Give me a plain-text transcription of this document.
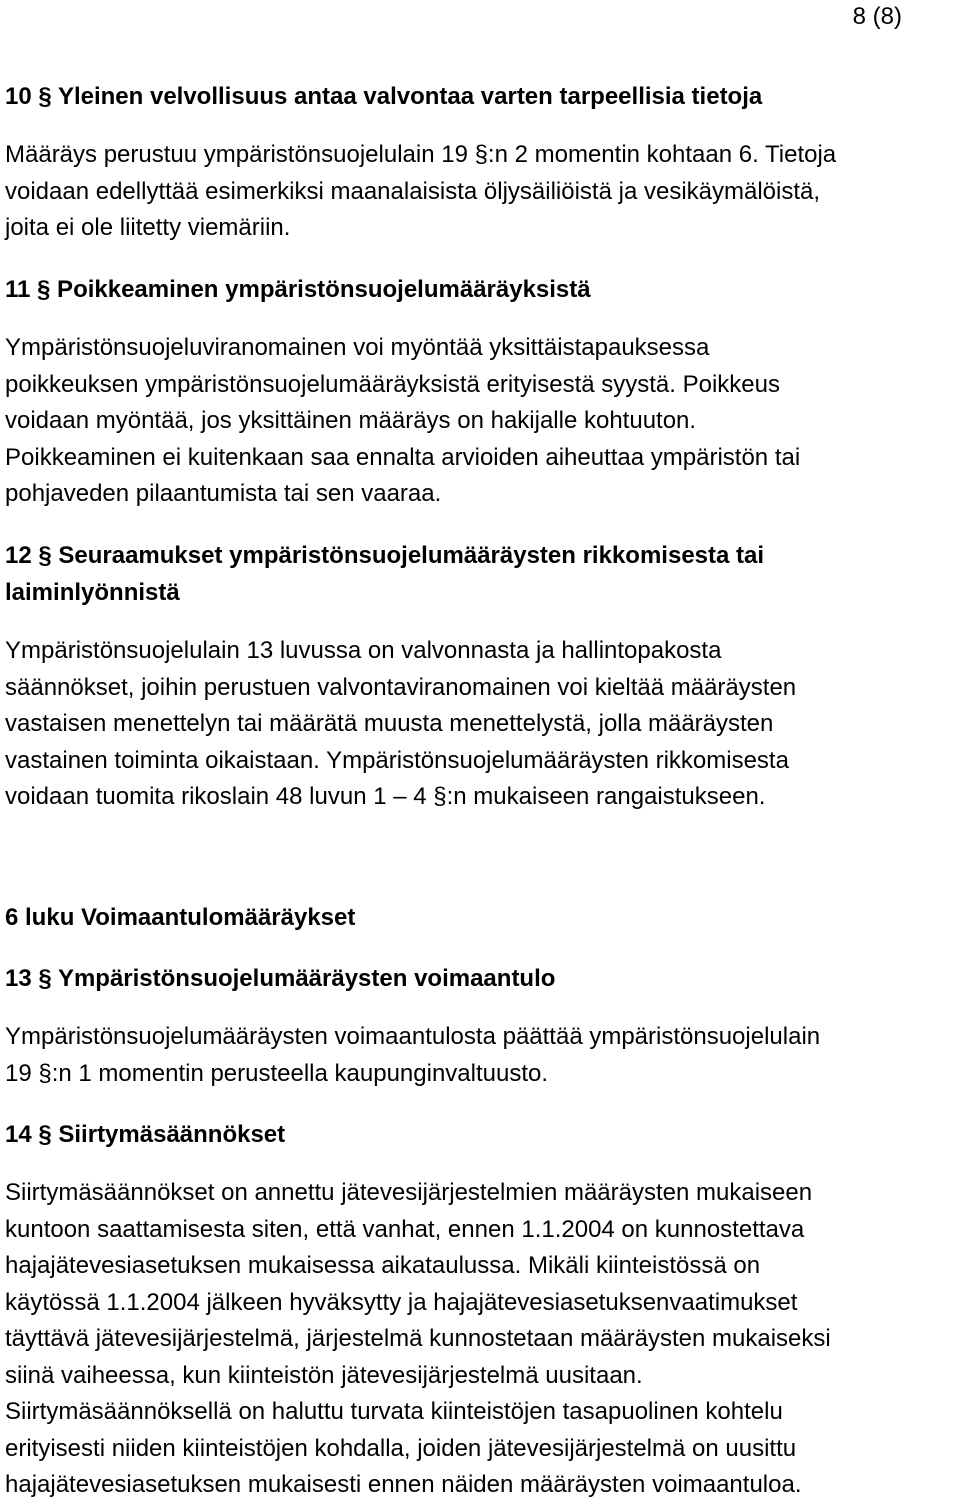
8 (8)
10 § Yleinen velvollisuus antaa valvontaa varten tarpeellisia tietoja
Määräys perustuu ympäristönsuojelulain 19 §:n 2 momentin kohtaan 6. Tietoja
voidaan edellyttää esimerkiksi maanalaisista öljysäiliöistä ja vesikäymälöistä,
joita ei ole liitetty viemäriin.
11 § Poikkeaminen ympäristönsuojelumääräyksistä
Ympäristönsuojeluviranomainen voi myöntää yksittäistapauksessa
poikkeuksen ympäristönsuojelumääräyksistä erityisestä syystä. Poikkeus
voidaan myöntää, jos yksittäinen määräys on hakijalle kohtuuton.
Poikkeaminen ei kuitenkaan saa ennalta arvioiden aiheuttaa ympäristön tai
pohjaveden pilaantumista tai sen vaaraa.
12 § Seuraamukset ympäristönsuojelumääräysten rikkomisesta tai
laiminlyönnistä
Ympäristönsuojelulain 13 luvussa on valvonnasta ja hallintopakosta
säännökset, joihin perustuen valvontaviranomainen voi kieltää määräysten
vastaisen menettelyn tai määrätä muusta menettelystä, jolla määräysten
vastainen toiminta oikaistaan. Ympäristönsuojelumääräysten rikkomisesta
voidaan tuomita rikoslain 48 luvun 1 – 4 §:n mukaiseen rangaistukseen.
6 luku Voimaantulomääräykset
13 § Ympäristönsuojelumääräysten voimaantulo
Ympäristönsuojelumääräysten voimaantulosta päättää ympäristönsuojelulain
19 §:n 1 momentin perusteella kaupunginvaltuusto.
14 § Siirtymäsäännökset
Siirtymäsäännökset on annettu jätevesijärjestelmien määräysten mukaiseen
kuntoon saattamisesta siten, että vanhat, ennen 1.1.2004 on kunnostettava
hajajätevesiasetuksen mukaisessa aikataulussa. Mikäli kiinteistössä on
käytössä 1.1.2004 jälkeen hyväksytty ja hajajätevesiasetuksenvaatimukset
täyttävä jätevesijärjestelmä, järjestelmä kunnostetaan määräysten mukaiseksi
siinä vaiheessa, kun kiinteistön jätevesijärjestelmä uusitaan.
Siirtymäsäännöksellä on haluttu turvata kiinteistöjen tasapuolinen kohtelu
erityisesti niiden kiinteistöjen kohdalla, joiden jätevesijärjestelmä on uusittu
hajajätevesiasetuksen mukaisesti ennen näiden määräysten voimaantuloa.
